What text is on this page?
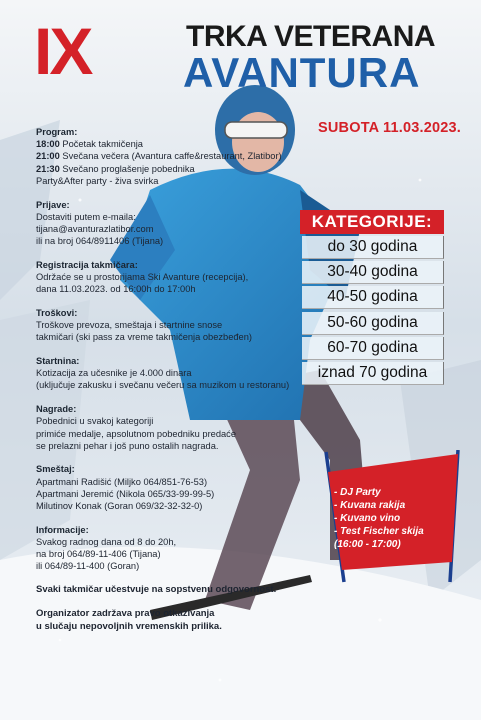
IX	TRKA VETERANA
AVANTURA
SUBOTA 11.03.2023.
Program:
18:00 Početak takmičenja
21:00 Svečana večera (Avantura caffe&restaurant, Zlatibor)
21:30 Svečano proglašenje pobednika
Party&After party - živa svirka
Prijave:
Dostaviti putem e-maila:
tijana@avanturazlatibor.com
ili na broj 064/8911406 (Tijana)
Registracija takmičara:
Održaće se u prostorijama Ski Avanture (recepcija),
dana 11.03.2023. od 16:00h do 17:00h
Troškovi:
Troškove prevoza, smeštaja i startnine snose
takmičari (ski pass za vreme takmičenja obezbeđen)
Startnina:
Kotizacija za učesnike je 4.000 dinara
(uključuje zakusku i svečanu večeru sa muzikom u restoranu)
Nagrade:
Pobednici u svakoj kategoriji
primiće medalje, apsolutnom pobedniku predaće
se prelazni pehar i još puno ostalih nagrada.
Smeštaj:
Apartmani Radišić (Miljko 064/851-76-53)
Apartmani Jeremić (Nikola 065/33-99-99-5)
Milutinov Konak (Goran 069/32-32-32-0)
Informacije:
Svakog radnog dana od 8 do 20h,
na broj 064/89-11-406 (Tijana)
ili 064/89-11-400 (Goran)
Svaki takmičar učestvuje na sopstvenu odgovornost.
Organizator zadržava pravo otkazivanja
u slučaju nepovoljnih vremenskih prilika.
KATEGORIJE:
do 30 godina
30-40 godina
40-50 godina
50-60 godina
60-70 godina
iznad 70 godina
- DJ Party
- Kuvana rakija
- Kuvano vino
- Test Fischer skija
(16:00 - 17:00)
